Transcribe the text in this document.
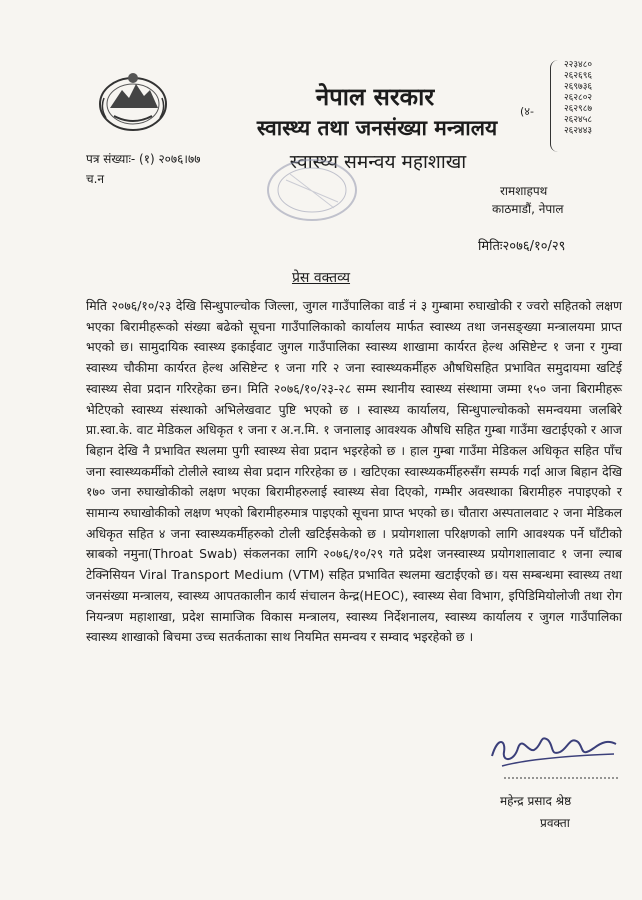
नेपाल सरकार
स्वास्थ्य तथा जनसंख्या मन्त्रालय
स्वास्थ्य समन्वय महाशाखा
(४-
२२३४८०
२६२६९६
२६९७३६
२६२८०२
२६२९८७
२६२४५८
२६२४४३
पत्र संख्याः- (१) २०७६।७७
च.न
रामशाहपथ
काठमाडौं, नेपाल
मितिः२०७६/१०/२९
प्रेस वक्तव्य
मिति २०७६/१०/२३ देखि सिन्धुपाल्चोक जिल्ला, जुगल गाउँपालिका वार्ड नं ३ गुम्बामा रुघाखोकी र ज्वरो सहितको लक्षण भएका बिरामीहरूको संख्या बढेको सूचना गाउँपालिकाको कार्यालय मार्फत स्वास्थ्य तथा जनसङ्ख्या मन्त्रालयमा प्राप्त भएको छ। सामुदायिक स्वास्थ्य इकाईवाट जुगल गाउँपालिका स्वास्थ्य शाखामा कार्यरत हेल्थ असिष्टेन्ट १ जना र गुम्वा स्वास्थ्य चौकीमा कार्यरत हेल्थ असिष्टेन्ट १ जना गरि २ जना स्वास्थ्यकर्मीहरु औषधिसहित प्रभावित समुदायमा खटिई स्वास्थ्य सेवा प्रदान गरिरहेका छन। मिति २०७६/१०/२३-२८ सम्म स्थानीय स्वास्थ्य संस्थामा जम्मा १५० जना बिरामीहरू भेटिएको स्वास्थ्य संस्थाको अभिलेखवाट पुष्टि भएको छ । स्वास्थ्य कार्यालय, सिन्धुपाल्चोकको समन्वयमा जलबिरे प्रा.स्वा.के. वाट मेडिकल अधिकृत १ जना र अ.न.मि. १ जनालाइ आवश्यक औषधि सहित गुम्बा गाउँमा खटाईएको र आज बिहान देखि नै प्रभावित स्थलमा पुगी स्वास्थ्य सेवा प्रदान भइरहेको छ । हाल गुम्बा गाउँमा मेडिकल अधिकृत सहित पाँच जना स्वास्थ्यकर्मीको टोलीले स्वाथ्य सेवा प्रदान गरिरहेका छ । खटिएका स्वास्थ्यकर्मीहरुसँग सम्पर्क गर्दा आज बिहान देखि १७० जना रुघाखोकीको लक्षण भएका बिरामीहरुलाई स्वास्थ्य सेवा दिएको, गम्भीर अवस्थाका बिरामीहरु नपाइएको र सामान्य रुघाखोकीको लक्षण भएको बिरामीहरुमात्र पाइएको सूचना प्राप्त भएको छ। चौतारा अस्पतालवाट २ जना मेडिकल अधिकृत सहित ४ जना स्वास्थ्यकर्मीहरुको टोली खटिईसकेको छ । प्रयोगशाला परिक्षणको लागि आवश्यक पर्ने घाँटीको स्राबको नमुना(Throat Swab) संकलनका लागि २०७६/१०/२९ गते प्रदेश जनस्वास्थ्य प्रयोगशालावाट १ जना ल्याब टेक्निसियन Viral Transport Medium (VTM) सहित प्रभावित स्थलमा खटाईएको छ। यस सम्बन्धमा स्वास्थ्य तथा जनसंख्या मन्त्रालय, स्वास्थ्य आपतकालीन कार्य संचालन केन्द्र(HEOC), स्वास्थ्य सेवा विभाग, इपिडिमियोलोजी तथा रोग नियन्त्रण महाशाखा, प्रदेश सामाजिक विकास मन्त्रालय, स्वास्थ्य निर्देशनालय, स्वास्थ्य कार्यालय र जुगल गाउँपालिका स्वास्थ्य शाखाको बिचमा उच्च सतर्कताका साथ नियमित समन्वय र सम्वाद भइरहेको छ ।
महेन्द्र प्रसाद श्रेष्ठ
प्रवक्ता
